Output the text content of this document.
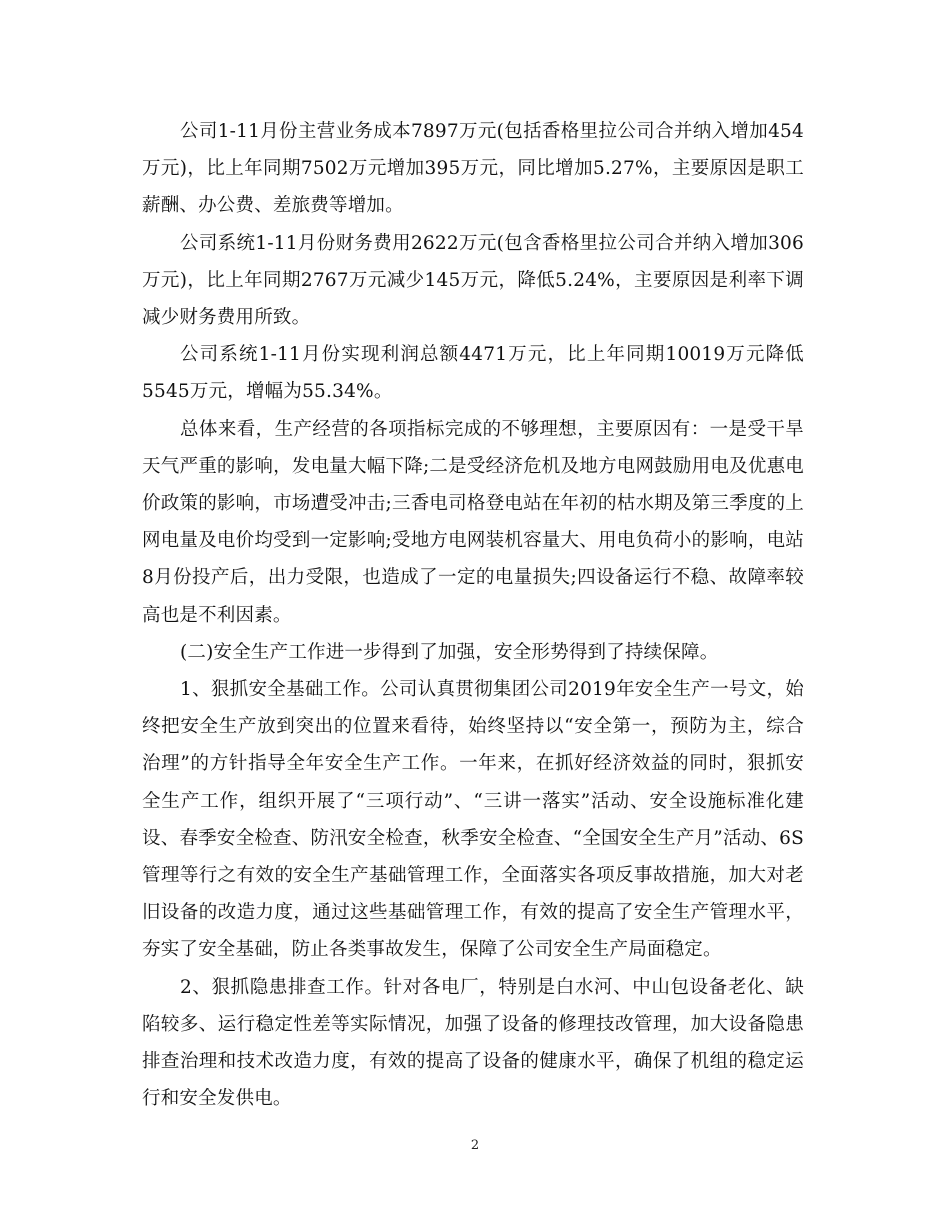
公司1-11月份主营业务成本7897万元(包括香格里拉公司合并纳入增加454万元)，比上年同期7502万元增加395万元，同比增加5.27%，主要原因是职工薪酬、办公费、差旅费等增加。

公司系统1-11月份财务费用2622万元(包含香格里拉公司合并纳入增加306万元)，比上年同期2767万元减少145万元，降低5.24%，主要原因是利率下调减少财务费用所致。

公司系统1-11月份实现利润总额4471万元，比上年同期10019万元降低5545万元，增幅为55.34%。

总体来看，生产经营的各项指标完成的不够理想，主要原因有：一是受干旱天气严重的影响，发电量大幅下降;二是受经济危机及地方电网鼓励用电及优惠电价政策的影响，市场遭受冲击;三香电司格登电站在年初的枯水期及第三季度的上网电量及电价均受到一定影响;受地方电网装机容量大、用电负荷小的影响，电站8月份投产后，出力受限，也造成了一定的电量损失;四设备运行不稳、故障率较高也是不利因素。

(二)安全生产工作进一步得到了加强，安全形势得到了持续保障。

1、狠抓安全基础工作。公司认真贯彻集团公司2019年安全生产一号文，始终把安全生产放到突出的位置来看待，始终坚持以“安全第一，预防为主，综合治理”的方针指导全年安全生产工作。一年来，在抓好经济效益的同时，狠抓安全生产工作，组织开展了“三项行动”、“三讲一落实”活动、安全设施标准化建设、春季安全检查、防汛安全检查，秋季安全检查、“全国安全生产月”活动、6S管理等行之有效的安全生产基础管理工作，全面落实各项反事故措施，加大对老旧设备的改造力度，通过这些基础管理工作，有效的提高了安全生产管理水平，夯实了安全基础，防止各类事故发生，保障了公司安全生产局面稳定。

2、狠抓隐患排查工作。针对各电厂，特别是白水河、中山包设备老化、缺陷较多、运行稳定性差等实际情况，加强了设备的修理技改管理，加大设备隐患排查治理和技术改造力度，有效的提高了设备的健康水平，确保了机组的稳定运行和安全发供电。

2
